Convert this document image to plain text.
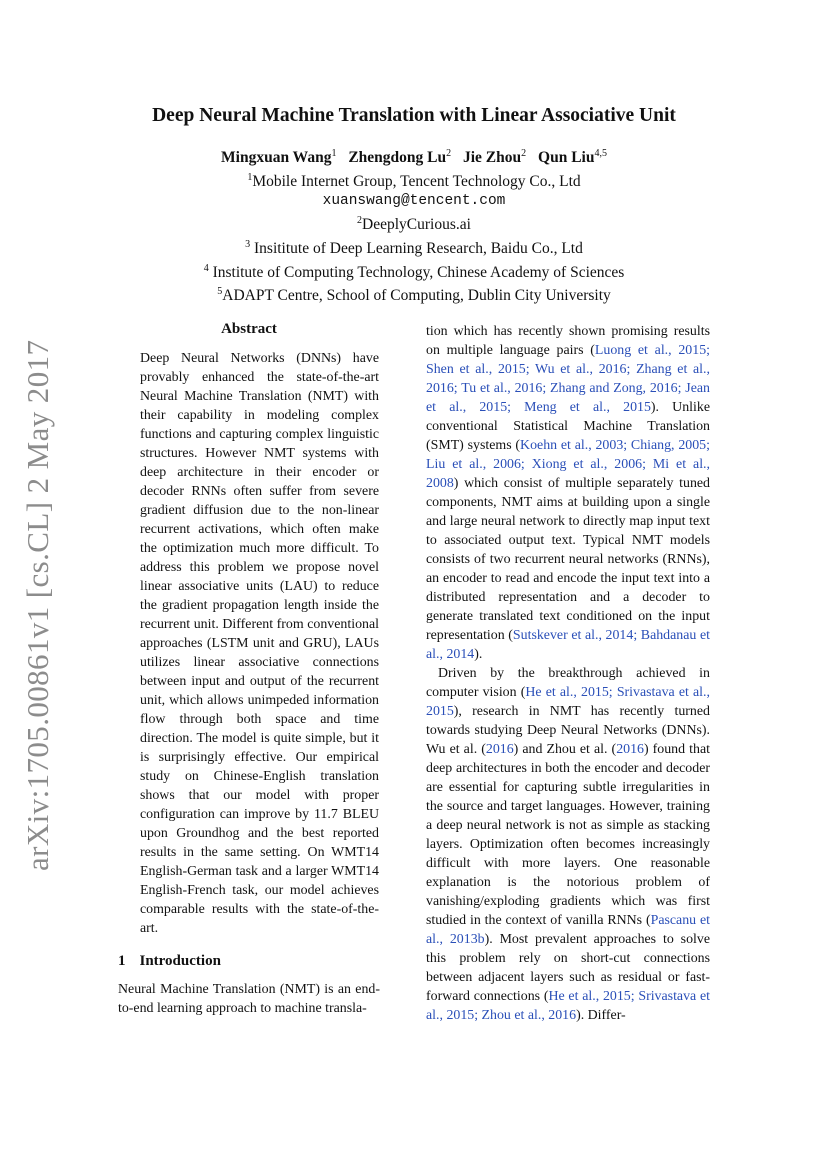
arXiv:1705.00861v1 [cs.CL] 2 May 2017
Deep Neural Machine Translation with Linear Associative Unit
Mingxuan Wang$^1$ Zhengdong Lu$^2$ Jie Zhou$^2$ Qun Liu$^{4,5}$
$^1$Mobile Internet Group, Tencent Technology Co., Ltd
xuanswang@tencent.com
$^2$DeeplyCurious.ai
$^3$ Insititute of Deep Learning Research, Baidu Co., Ltd
$^4$ Institute of Computing Technology, Chinese Academy of Sciences
$^5$ADAPT Centre, School of Computing, Dublin City University
Abstract

Deep Neural Networks (DNNs) have provably enhanced the state-of-the-art Neural Machine Translation (NMT) with their capability in modeling complex functions and capturing complex linguistic structures. However NMT systems with deep architecture in their encoder or decoder RNNs often suffer from severe gradient diffusion due to the non-linear recurrent activations, which often make the optimization much more difficult. To address this problem we propose novel linear associative units (LAU) to reduce the gradient propagation length inside the recurrent unit. Different from conventional approaches (LSTM unit and GRU), LAUs utilizes linear associative connections between input and output of the recurrent unit, which allows unimpeded information flow through both space and time direction. The model is quite simple, but it is surprisingly effective. Our empirical study on Chinese-English translation shows that our model with proper configuration can improve by 11.7 BLEU upon Groundhog and the best reported results in the same setting. On WMT14 English-German task and a larger WMT14 English-French task, our model achieves comparable results with the state-of-the-art.

1 Introduction

Neural Machine Translation (NMT) is an end-to-end learning approach to machine transla-

tion which has recently shown promising results on multiple language pairs (Luong et al., 2015; Shen et al., 2015; Wu et al., 2016; Zhang et al., 2016; Tu et al., 2016; Zhang and Zong, 2016; Jean et al., 2015; Meng et al., 2015). Unlike conventional Statistical Machine Translation (SMT) systems (Koehn et al., 2003; Chiang, 2005; Liu et al., 2006; Xiong et al., 2006; Mi et al., 2008) which consist of multiple separately tuned components, NMT aims at building upon a single and large neural network to directly map input text to associated output text. Typical NMT models consists of two recurrent neural networks (RNNs), an encoder to read and encode the input text into a distributed representation and a decoder to generate translated text conditioned on the input representation (Sutskever et al., 2014; Bahdanau et al., 2014).

Driven by the breakthrough achieved in computer vision (He et al., 2015; Srivastava et al., 2015), research in NMT has recently turned towards studying Deep Neural Networks (DNNs). Wu et al. (2016) and Zhou et al. (2016) found that deep architectures in both the encoder and decoder are essential for capturing subtle irregularities in the source and target languages. However, training a deep neural network is not as simple as stacking layers. Optimization often becomes increasingly difficult with more layers. One reasonable explanation is the notorious problem of vanishing/exploding gradients which was first studied in the context of vanilla RNNs (Pascanu et al., 2013b). Most prevalent approaches to solve this problem rely on short-cut connections between adjacent layers such as residual or fast-forward connections (He et al., 2015; Srivastava et al., 2015; Zhou et al., 2016). Differ-
